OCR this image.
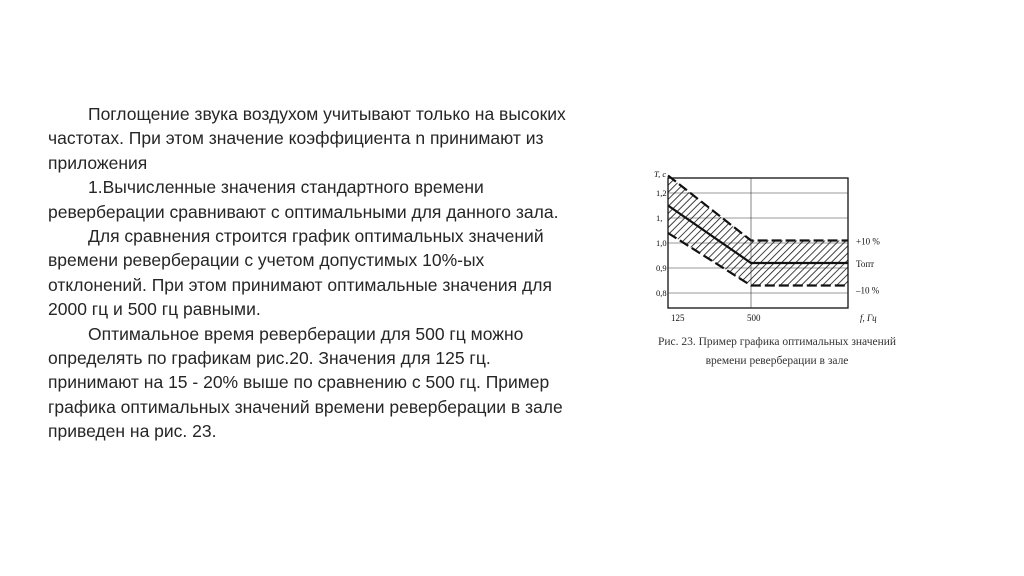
Поглощение звука воздухом учитывают только на высоких частотах. При этом значение коэффициента n принимают из приложения

1.Вычисленные значения стандартного времени реверберации сравнивают с оптимальными для данного зала.

Для сравнения строится график оптимальных значений времени реверберации с учетом допустимых 10%-ых отклонений. При этом принимают оптимальные значения для 2000 гц и 500 гц равными.

Оптимальное время реверберации для 500 гц можно определять по графикам рис.20. Значения для 125 гц. принимают на 15 - 20% выше по сравнению с 500 гц. Пример графика оптимальных значений времени реверберации в зале приведен на рис. 23.

1,2
1,
1,0
0,9
0,8
T, c
f, Гц
125	500
+10 %
Топт
–10 %
Рис. 23. Пример графика оптимальных значений
времени реверберации в зале
